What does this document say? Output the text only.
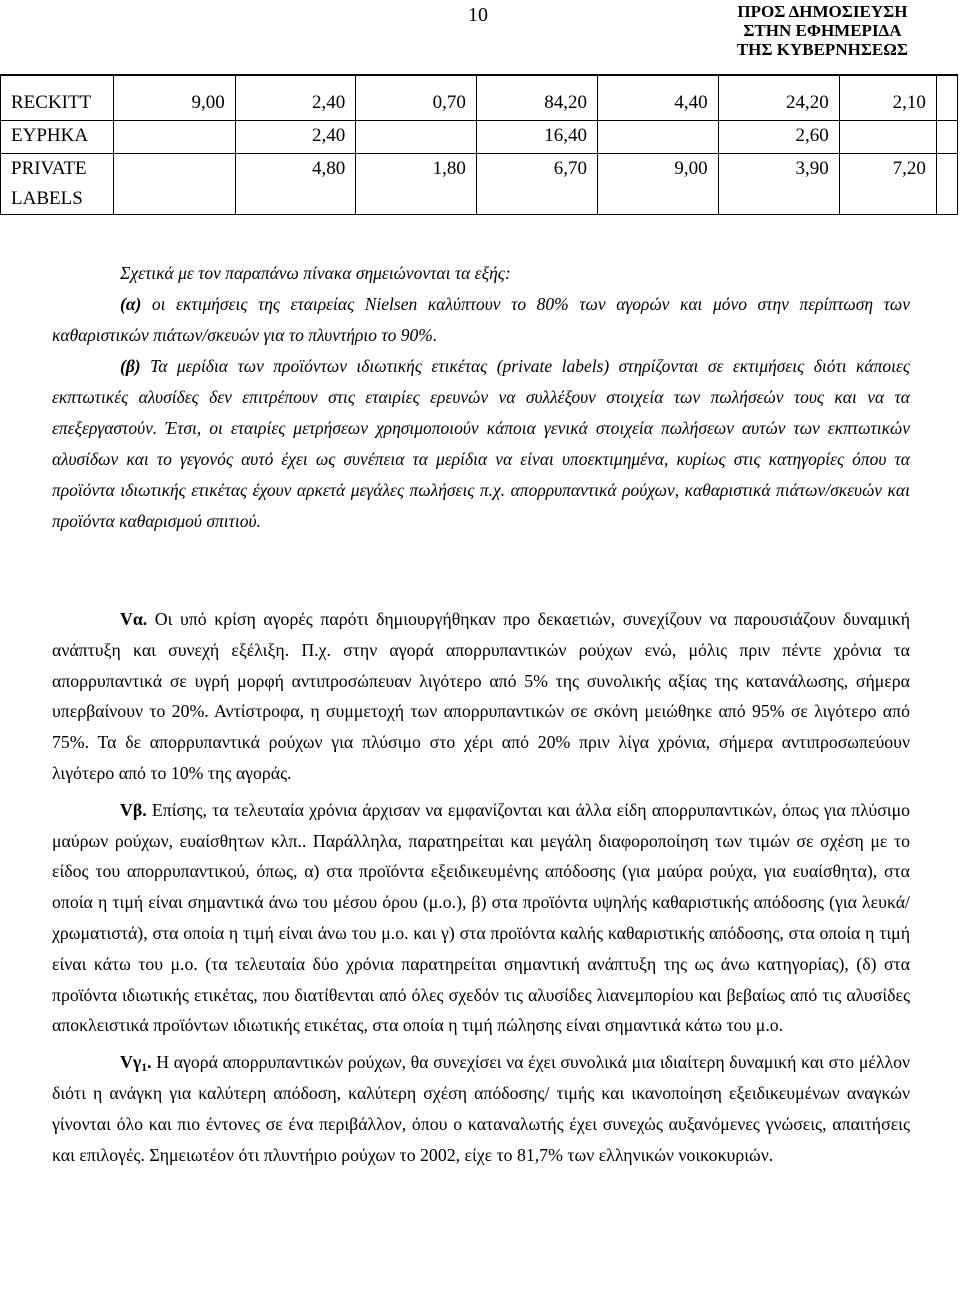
10	ΠΡΟΣ ΔΗΜΟΣΙΕΥΣΗ
ΣΤΗΝ ΕΦΗΜΕΡΙΔΑ
ΤΗΣ ΚΥΒΕΡΝΗΣΕΩΣ
RECKITT	9,00	2,40	0,70	84,20	4,40	24,20	2,10	
EYPHKA		2,40		16,40		2,60		
PRIVATE LABELS		4,80	1,80	6,70	9,00	3,90	7,20	

Σχετικά με τον παραπάνω πίνακα σημειώνονται τα εξής:

(α) οι εκτιμήσεις της εταιρείας Nielsen καλύπτουν το 80% των αγορών και μόνο στην περίπτωση των καθαριστικών πιάτων/σκευών για το πλυντήριο το 90%.

(β) Τα μερίδια των προϊόντων ιδιωτικής ετικέτας (private labels) στηρίζονται σε εκτιμήσεις διότι κάποιες εκπτωτικές αλυσίδες δεν επιτρέπουν στις εταιρίες ερευνών να συλλέξουν στοιχεία των πωλήσεών τους και να τα επεξεργαστούν. Έτσι, οι εταιρίες μετρήσεων χρησιμοποιούν κάποια γενικά στοιχεία πωλήσεων αυτών των εκπτωτικών αλυσίδων και το γεγονός αυτό έχει ως συνέπεια τα μερίδια να είναι υποεκτιμημένα, κυρίως στις κατηγορίες όπου τα προϊόντα ιδιωτικής ετικέτας έχουν αρκετά μεγάλες πωλήσεις π.χ. απορρυπαντικά ρούχων, καθαριστικά πιάτων/σκευών και προϊόντα καθαρισμού σπιτιού.

Vα. Οι υπό κρίση αγορές παρότι δημιουργήθηκαν προ δεκαετιών, συνεχίζουν να παρουσιάζουν δυναμική ανάπτυξη και συνεχή εξέλιξη. Π.χ. στην αγορά απορρυπαντικών ρούχων ενώ, μόλις πριν πέντε χρόνια τα απορρυπαντικά σε υγρή μορφή αντιπροσώπευαν λιγότερο από 5% της συνολικής αξίας της κατανάλωσης, σήμερα υπερβαίνουν το 20%. Αντίστροφα, η συμμετοχή των απορρυπαντικών σε σκόνη μειώθηκε από 95% σε λιγότερο από 75%. Τα δε απορρυπαντικά ρούχων για πλύσιμο στο χέρι από 20% πριν λίγα χρόνια, σήμερα αντιπροσωπεύουν λιγότερο από το 10% της αγοράς.

Vβ. Επίσης, τα τελευταία χρόνια άρχισαν να εμφανίζονται και άλλα είδη απορρυπαντικών, όπως για πλύσιμο μαύρων ρούχων, ευαίσθητων κλπ.. Παράλληλα, παρατηρείται και μεγάλη διαφοροποίηση των τιμών σε σχέση με το είδος του απορρυπαντικού, όπως, α) στα προϊόντα εξειδικευμένης απόδοσης (για μαύρα ρούχα, για ευαίσθητα), στα οποία η τιμή είναι σημαντικά άνω του μέσου όρου (μ.ο.), β) στα προϊόντα υψηλής καθαριστικής απόδοσης (για λευκά/χρωματιστά), στα οποία η τιμή είναι άνω του μ.ο. και γ) στα προϊόντα καλής καθαριστικής απόδοσης, στα οποία η τιμή είναι κάτω του μ.ο. (τα τελευταία δύο χρόνια παρατηρείται σημαντική ανάπτυξη της ως άνω κατηγορίας), (δ) στα προϊόντα ιδιωτικής ετικέτας, που διατίθενται από όλες σχεδόν τις αλυσίδες λιανεμπορίου και βεβαίως από τις αλυσίδες αποκλειστικά προϊόντων ιδιωτικής ετικέτας, στα οποία η τιμή πώλησης είναι σημαντικά κάτω του μ.ο.

$V\gamma_1$. Η αγορά απορρυπαντικών ρούχων, θα συνεχίσει να έχει συνολικά μια ιδιαίτερη δυναμική και στο μέλλον διότι η ανάγκη για καλύτερη απόδοση, καλύτερη σχέση απόδοσης/ τιμής και ικανοποίηση εξειδικευμένων αναγκών γίνονται όλο και πιο έντονες σε ένα περιβάλλον, όπου ο καταναλωτής έχει συνεχώς αυξανόμενες γνώσεις, απαιτήσεις και επιλογές. Σημειωτέον ότι πλυντήριο ρούχων το 2002, είχε το 81,7% των ελληνικών νοικοκυριών.
